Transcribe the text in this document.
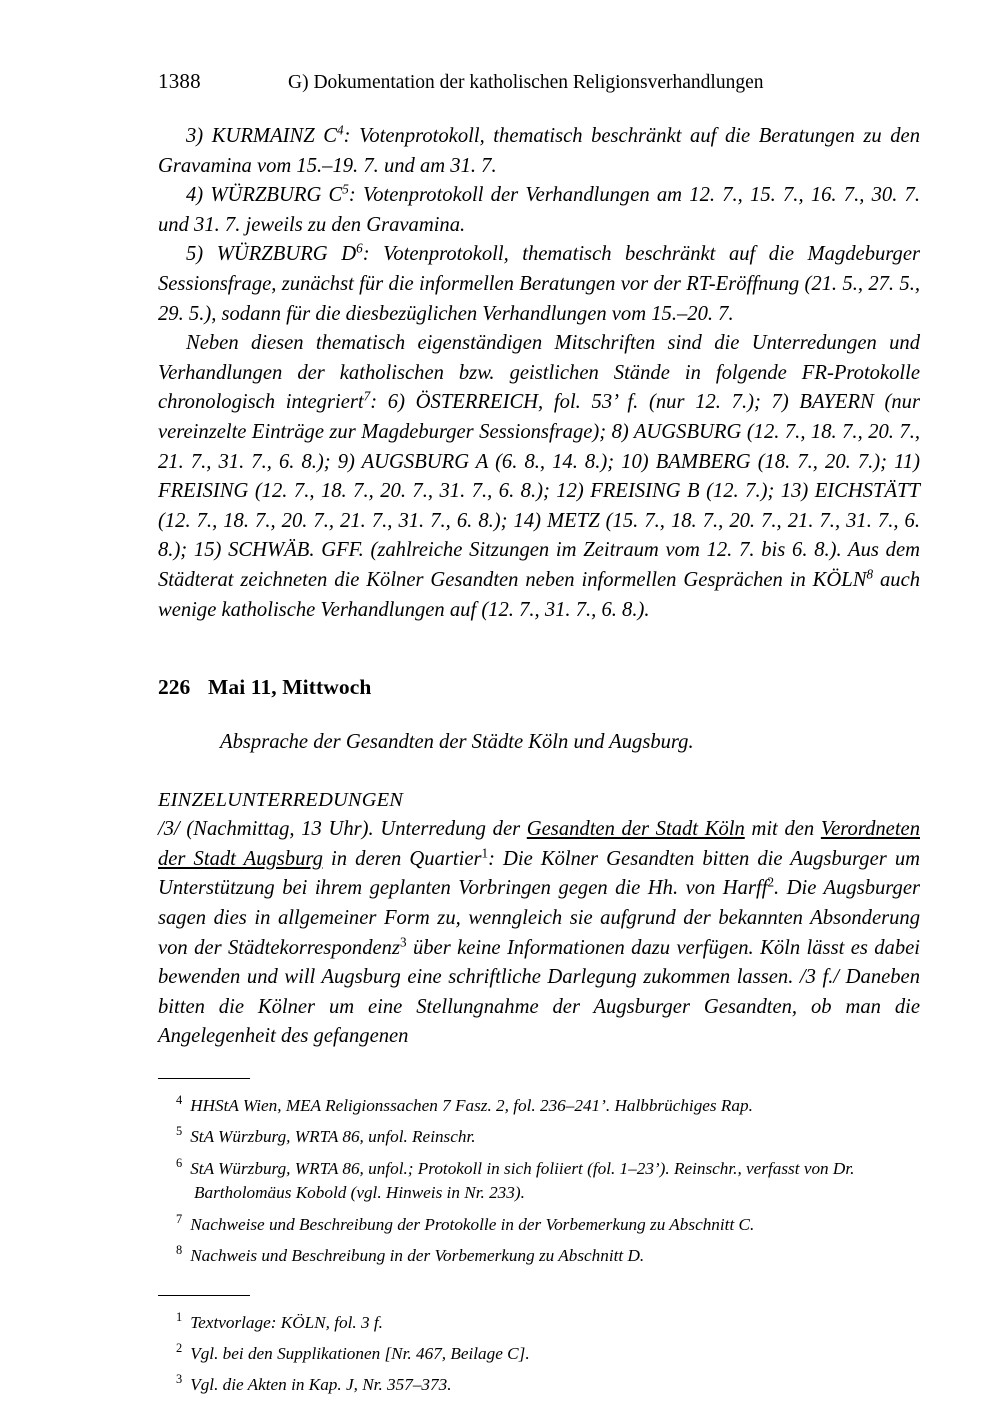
1388	G) Dokumentation der katholischen Religionsverhandlungen

3) KURMAINZ $C^4$: Votenprotokoll, thematisch beschränkt auf die Beratungen zu den Gravamina vom 15.–19. 7. und am 31. 7.

4) WÜRZBURG $C^5$: Votenprotokoll der Verhandlungen am 12. 7., 15. 7., 16. 7., 30. 7. und 31. 7. jeweils zu den Gravamina.

5) WÜRZBURG $D^6$: Votenprotokoll, thematisch beschränkt auf die Magdeburger Sessionsfrage, zunächst für die informellen Beratungen vor der RT-Eröffnung (21. 5., 27. 5., 29. 5.), sodann für die diesbezüglichen Verhandlungen vom 15.–20. 7.

Neben diesen thematisch eigenständigen Mitschriften sind die Unterredungen und Verhandlungen der katholischen bzw. geistlichen Stände in folgende FR-Protokolle chronologisch integriert$^7$: 6) ÖSTERREICH, fol. 53’ f. (nur 12. 7.); 7) BAYERN (nur vereinzelte Einträge zur Magdeburger Sessionsfrage); 8) AUGSBURG (12. 7., 18. 7., 20. 7., 21. 7., 31. 7., 6. 8.); 9) AUGSBURG A (6. 8., 14. 8.); 10) BAMBERG (18. 7., 20. 7.); 11) FREISING (12. 7., 18. 7., 20. 7., 31. 7., 6. 8.); 12) FREISING B (12. 7.); 13) EICHSTÄTT (12. 7., 18. 7., 20. 7., 21. 7., 31. 7., 6. 8.); 14) METZ (15. 7., 18. 7., 20. 7., 21. 7., 31. 7., 6. 8.); 15) SCHWÄB. GFF. (zahlreiche Sitzungen im Zeitraum vom 12. 7. bis 6. 8.). Aus dem Städterat zeichneten die Kölner Gesandten neben informellen Gesprächen in KÖLN$^8$ auch wenige katholische Verhandlungen auf (12. 7., 31. 7., 6. 8.).

226 Mai 11, Mittwoch
Absprache der Gesandten der Städte Köln und Augsburg.
EINZELUNTERREDUNGEN

/3/ (Nachmittag, 13 Uhr). Unterredung der Gesandten der Stadt Köln mit den Verordneten der Stadt Augsburg in deren Quartier$^1$: Die Kölner Gesandten bitten die Augsburger um Unterstützung bei ihrem geplanten Vorbringen gegen die Hh. von Harff$^2$. Die Augsburger sagen dies in allgemeiner Form zu, wenngleich sie aufgrund der bekannten Absonderung von der Städtekorrespondenz$^3$ über keine Informationen dazu verfügen. Köln lässt es dabei bewenden und will Augsburg eine schriftliche Darlegung zukommen lassen. /3 f./ Daneben bitten die Kölner um eine Stellungnahme der Augsburger Gesandten, ob man die Angelegenheit des gefangenen

$^4$ HHStA Wien, MEA Religionssachen 7 Fasz. 2, fol. 236–241’. Halbbrüchiges Rap.
$^5$ StA Würzburg, WRTA 86, unfol. Reinschr.
$^6$ StA Würzburg, WRTA 86, unfol.; Protokoll in sich foliiert (fol. 1–23’). Reinschr., verfasst von Dr. Bartholomäus Kobold (vgl. Hinweis in Nr. 233).
$^7$ Nachweise und Beschreibung der Protokolle in der Vorbemerkung zu Abschnitt C.
$^8$ Nachweis und Beschreibung in der Vorbemerkung zu Abschnitt D.
$^1$ Textvorlage: KÖLN, fol. 3 f.
$^2$ Vgl. bei den Supplikationen [Nr. 467, Beilage C].
$^3$ Vgl. die Akten in Kap. J, Nr. 357–373.
